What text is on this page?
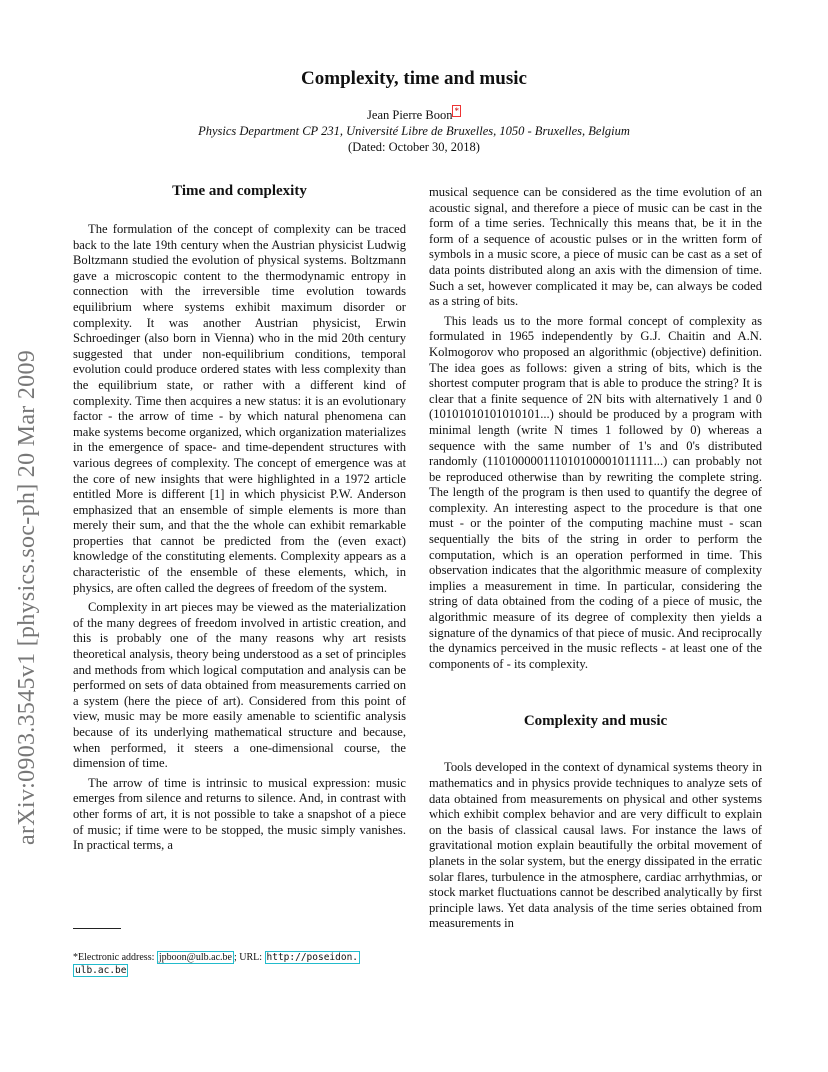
Complexity, time and music
Jean Pierre Boon *
Physics Department CP 231, Université Libre de Bruxelles, 1050 - Bruxelles, Belgium
(Dated: October 30, 2018)
arXiv:0903.3545v1 [physics.soc-ph] 20 Mar 2009
Time and complexity

The formulation of the concept of complexity can be traced back to the late 19th century when the Austrian physicist Ludwig Boltzmann studied the evolution of physical systems. Boltzmann gave a microscopic content to the thermodynamic entropy in connection with the irreversible time evolution towards equilibrium where systems exhibit maximum disorder or complexity. It was another Austrian physicist, Erwin Schroedinger (also born in Vienna) who in the mid 20th century suggested that under non-equilibrium conditions, temporal evolution could produce ordered states with less complexity than the equilibrium state, or rather with a different kind of complexity. Time then acquires a new status: it is an evolutionary factor - the arrow of time - by which natural phenomena can make systems become organized, which organization materializes in the emergence of space- and time-dependent structures with various degrees of complexity. The concept of emergence was at the core of new insights that were highlighted in a 1972 article entitled More is different [1] in which physicist P.W. Anderson emphasized that an ensemble of simple elements is more than merely their sum, and that the the whole can exhibit remarkable properties that cannot be predicted from the (even exact) knowledge of the constituting elements. Complexity appears as a characteristic of the ensemble of these elements, which, in physics, are often called the degrees of freedom of the system.

Complexity in art pieces may be viewed as the materialization of the many degrees of freedom involved in artistic creation, and this is probably one of the many reasons why art resists theoretical analysis, theory being understood as a set of principles and methods from which logical computation and analysis can be performed on sets of data obtained from measurements carried on a system (here the piece of art). Considered from this point of view, music may be more easily amenable to scientific analysis because of its underlying mathematical structure and because, when performed, it steers a one-dimensional course, the dimension of time.

The arrow of time is intrinsic to musical expression: music emerges from silence and returns to silence. And, in contrast with other forms of art, it is not possible to take a snapshot of a piece of music; if time were to be stopped, the music simply vanishes. In practical terms, a

musical sequence can be considered as the time evolution of an acoustic signal, and therefore a piece of music can be cast in the form of a time series. Technically this means that, be it in the form of a sequence of acoustic pulses or in the written form of symbols in a music score, a piece of music can be cast as a set of data points distributed along an axis with the dimension of time. Such a set, however complicated it may be, can always be coded as a string of bits.

This leads us to the more formal concept of complexity as formulated in 1965 independently by G.J. Chaitin and A.N. Kolmogorov who proposed an algorithmic (objective) definition. The idea goes as follows: given a string of bits, which is the shortest computer program that is able to produce the string? It is clear that a finite sequence of 2N bits with alternatively 1 and 0 (10101010101010101...) should be produced by a program with minimal length (write N times 1 followed by 0) whereas a sequence with the same number of 1's and 0's distributed randomly (110100000111010100001011111...) can probably not be reproduced otherwise than by rewriting the complete string. The length of the program is then used to quantify the degree of complexity. An interesting aspect to the procedure is that one must - or the pointer of the computing machine must - scan sequentially the bits of the string in order to perform the computation, which is an operation performed in time. This observation indicates that the algorithmic measure of complexity implies a measurement in time. In particular, considering the string of data obtained from the coding of a piece of music, the algorithmic measure of its degree of complexity then yields a signature of the dynamics of that piece of music. And reciprocally the dynamics perceived in the music reflects - at least one of the components of - its complexity.

Complexity and music

Tools developed in the context of dynamical systems theory in mathematics and in physics provide techniques to analyze sets of data obtained from measurements on physical and other systems which exhibit complex behavior and are very difficult to explain on the basis of classical causal laws. For instance the laws of gravitational motion explain beautifully the orbital movement of planets in the solar system, but the energy dissipated in the erratic solar flares, turbulence in the atmosphere, cardiac arrhythmias, or stock market fluctuations cannot be described analytically by first principle laws. Yet data analysis of the time series obtained from measurements in

*Electronic address: jpboon@ulb.ac.be ; URL: http://poseidon.
ulb.ac.be
